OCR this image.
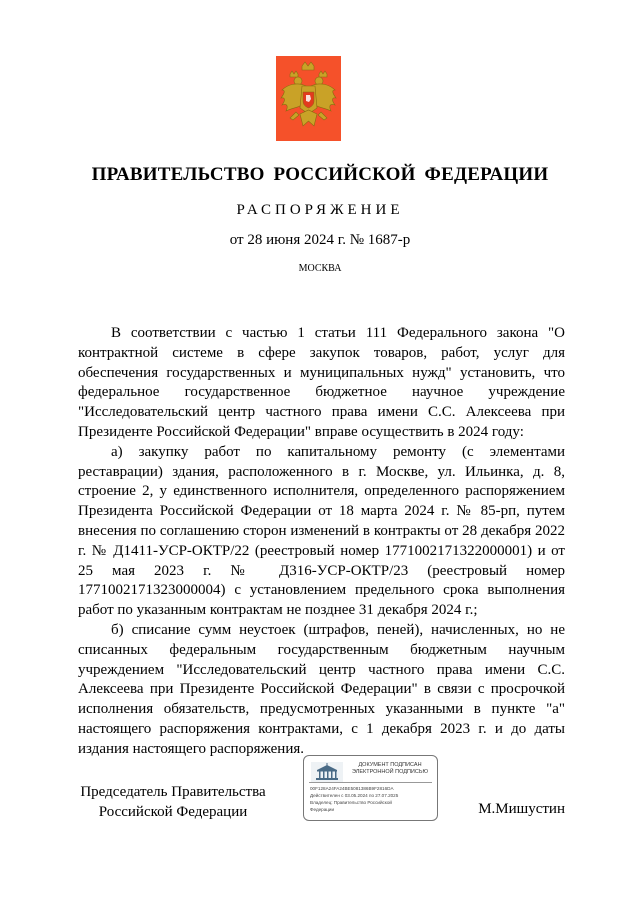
ПРАВИТЕЛЬСТВО РОССИЙСКОЙ ФЕДЕРАЦИИ
РАСПОРЯЖЕНИЕ
от 28 июня 2024 г. № 1687-р
МОСКВА

В соответствии с частью 1 статьи 111 Федерального закона "О контрактной системе в сфере закупок товаров, работ, услуг для обеспечения государственных и муниципальных нужд" установить, что федеральное государственное бюджетное научное учреждение "Исследовательский центр частного права имени С.С. Алексеева при Президенте Российской Федерации" вправе осуществить в 2024 году:

а) закупку работ по капитальному ремонту (с элементами реставрации) здания, расположенного в г. Москве, ул. Ильинка, д. 8, строение 2, у единственного исполнителя, определенного распоряжением Президента Российской Федерации от 18 марта 2024 г. № 85-рп, путем внесения по соглашению сторон изменений в контракты от 28 декабря 2022 г. № Д1411-УСР-ОКТР/22 (реестровый номер 1771002171322000001) и от 25 мая 2023 г. № Д316-УСР-ОКТР/23 (реестровый номер 1771002171323000004) с установлением предельного срока выполнения работ по указанным контрактам не позднее 31 декабря 2024 г.;

б) списание сумм неустоек (штрафов, пеней), начисленных, но не списанных федеральным государственным бюджетным научным учреждением "Исследовательский центр частного права имени С.С. Алексеева при Президенте Российской Федерации" в связи с просрочкой исполнения обязательств, предусмотренных указанными в пункте "а" настоящего распоряжения контрактами, с 1 декабря 2023 г. и до даты издания настоящего распоряжения.

Председатель Правительства
Российской Федерации
ДОКУМЕНТ ПОДПИСАН
ЭЛЕКТРОННОЙ ПОДПИСЬЮ
00F128A24FA24BE5081386B9F2816DA
Действителен с 03.05.2024 по 27.07.2025
Владелец: Правительство Российской
Федерации	М.Мишустин
